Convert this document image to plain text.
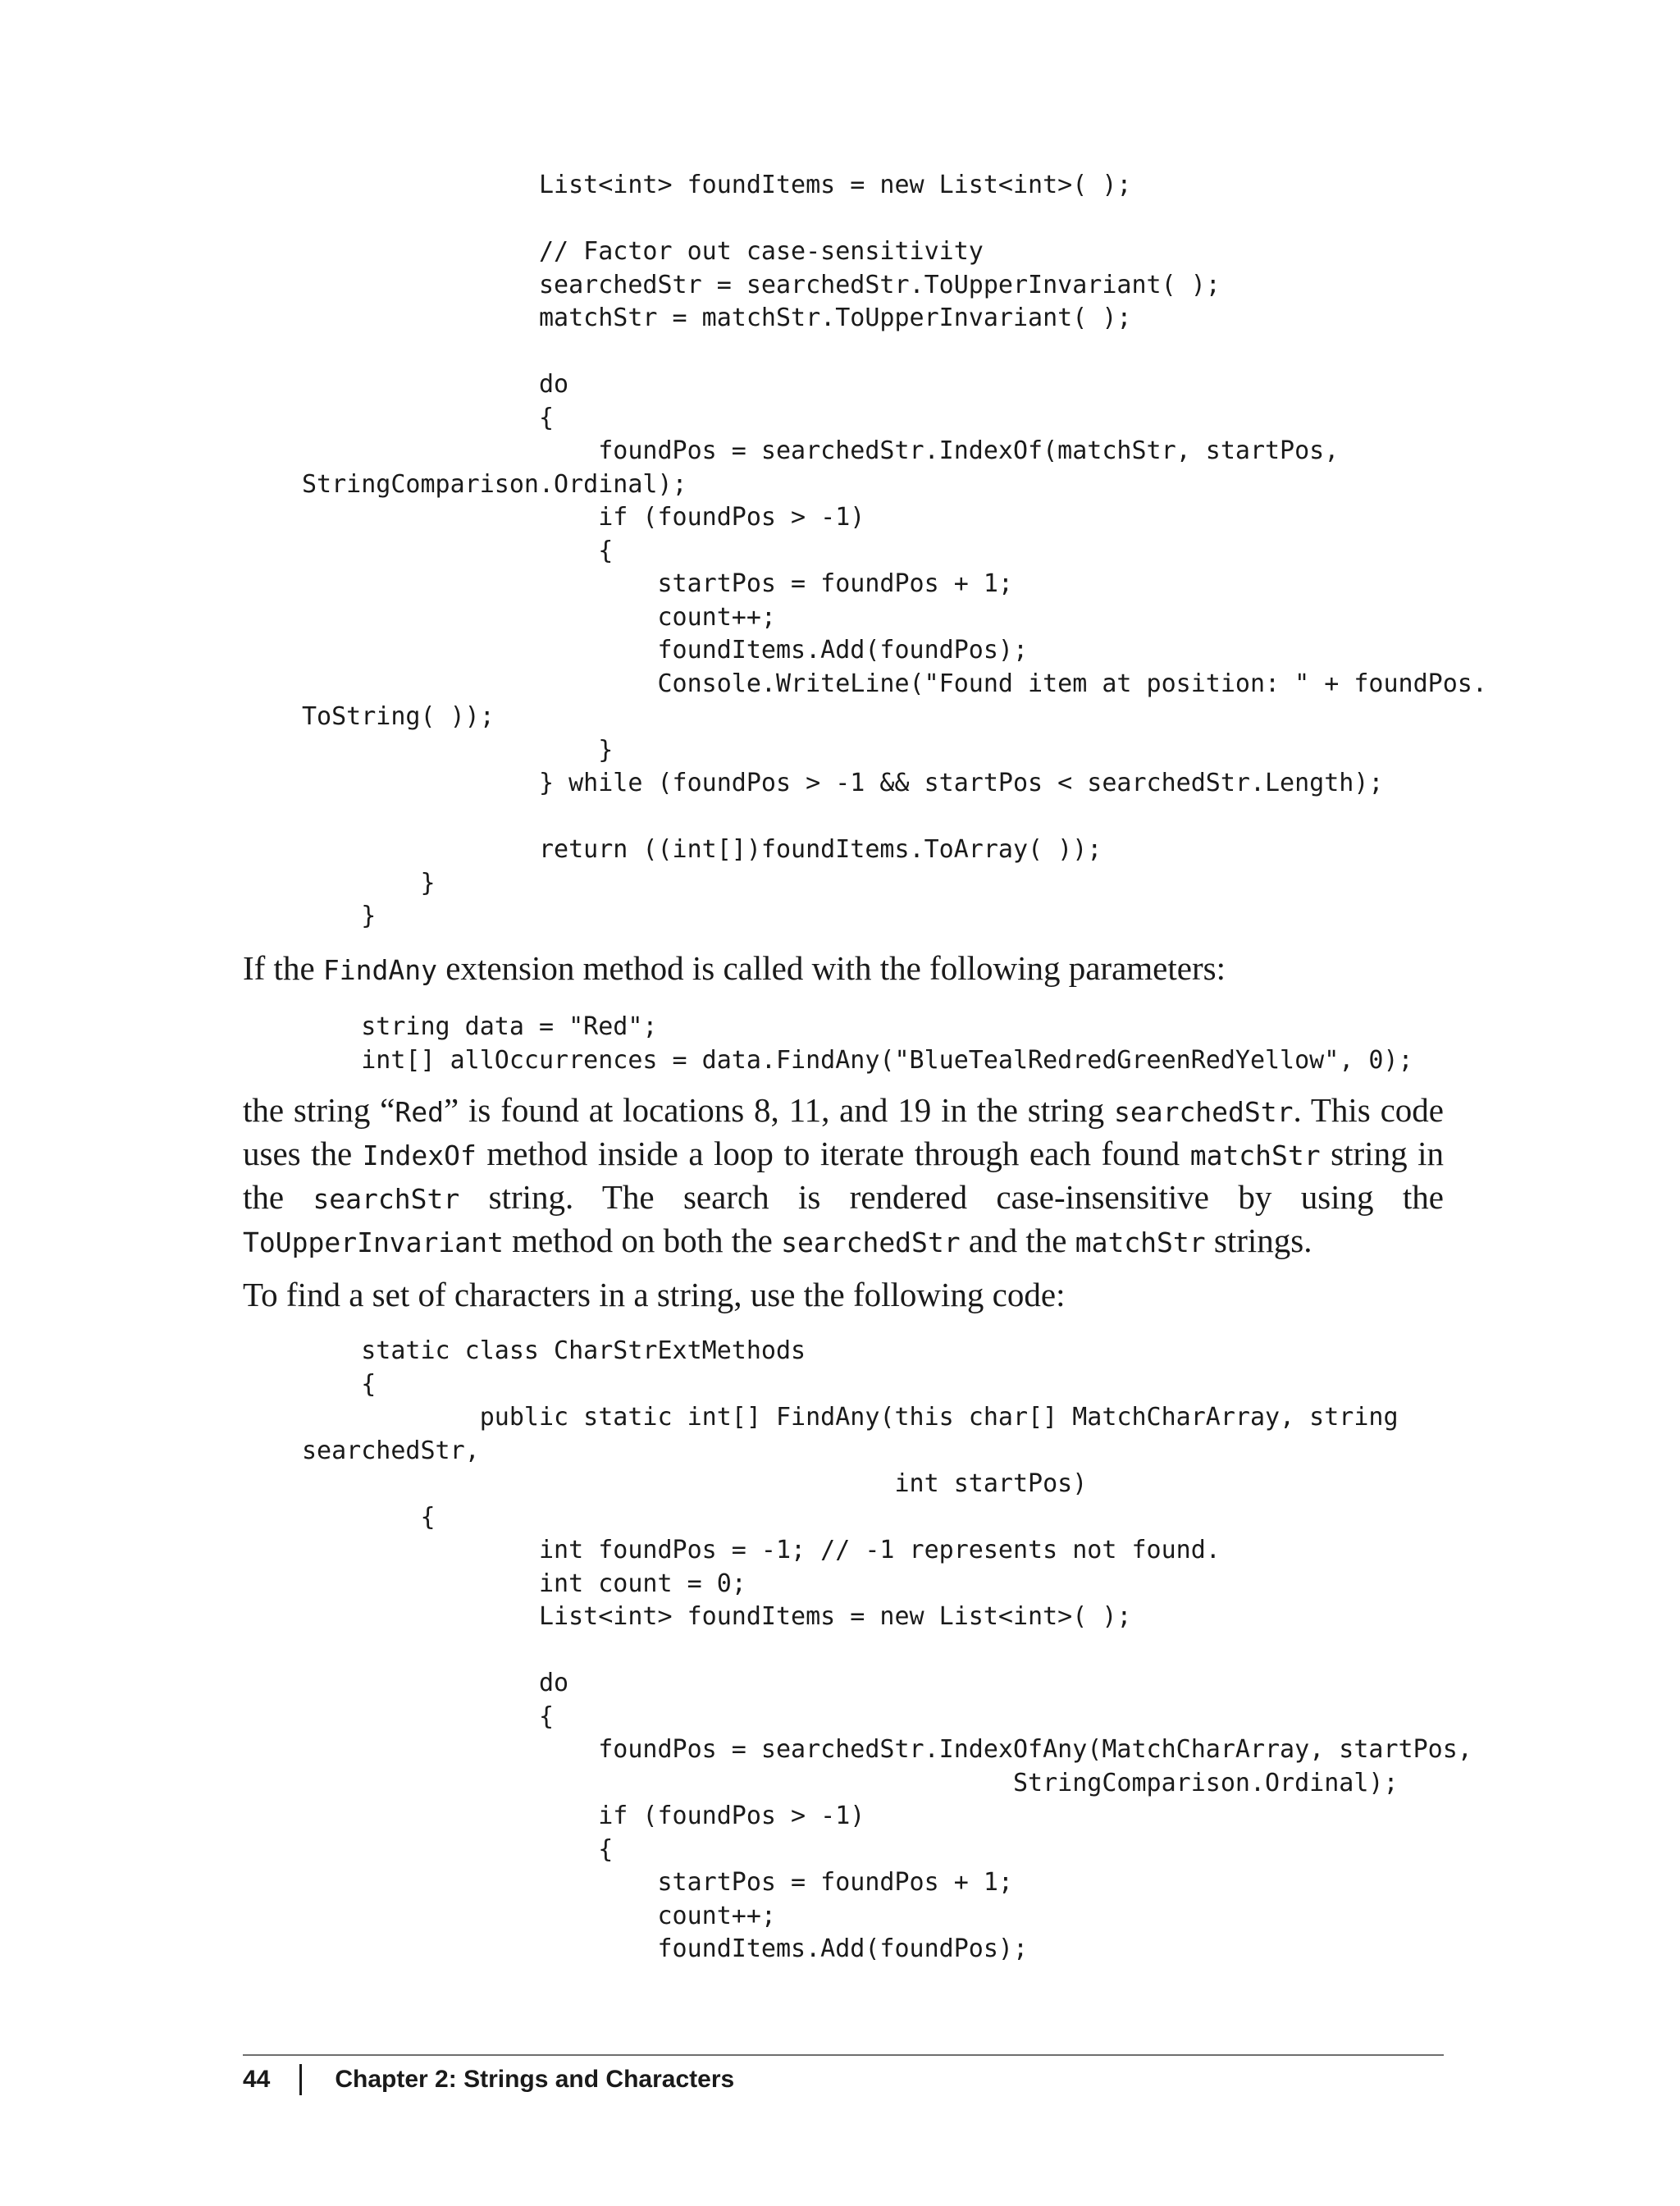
List<int> foundItems = new List<int>( );
// Factor out case-sensitivity
searchedStr = searchedStr.ToUpperInvariant( );
matchStr = matchStr.ToUpperInvariant( );
do
{
foundPos = searchedStr.IndexOf(matchStr, startPos,
StringComparison.Ordinal);
if (foundPos > -1)
{
startPos = foundPos + 1;
count++;
foundItems.Add(foundPos);
Console.WriteLine("Found item at position: " + foundPos.
ToString( ));
}
} while (foundPos > -1 && startPos < searchedStr.Length);
return ((int[])foundItems.ToArray( ));
}
}

If the FindAny extension method is called with the following parameters:

string data = "Red";
int[] allOccurrences = data.FindAny("BlueTealRedredGreenRedYellow", 0);

the string “Red” is found at locations 8, 11, and 19 in the string searchedStr. This code uses the IndexOf method inside a loop to iterate through each found matchStr string in the searchStr string. The search is rendered case-insensitive by using the ToUpperInvariant method on both the searchedStr and the matchStr strings.

To find a set of characters in a string, use the following code:

static class CharStrExtMethods
{
public static int[] FindAny(this char[] MatchCharArray, string
searchedStr,
int startPos)
{
int foundPos = -1; // -1 represents not found.
int count = 0;
List<int> foundItems = new List<int>( );
do
{
foundPos = searchedStr.IndexOfAny(MatchCharArray, startPos,
StringComparison.Ordinal);
if (foundPos > -1)
{
startPos = foundPos + 1;
count++;
foundItems.Add(foundPos);
44	Chapter 2: Strings and Characters
